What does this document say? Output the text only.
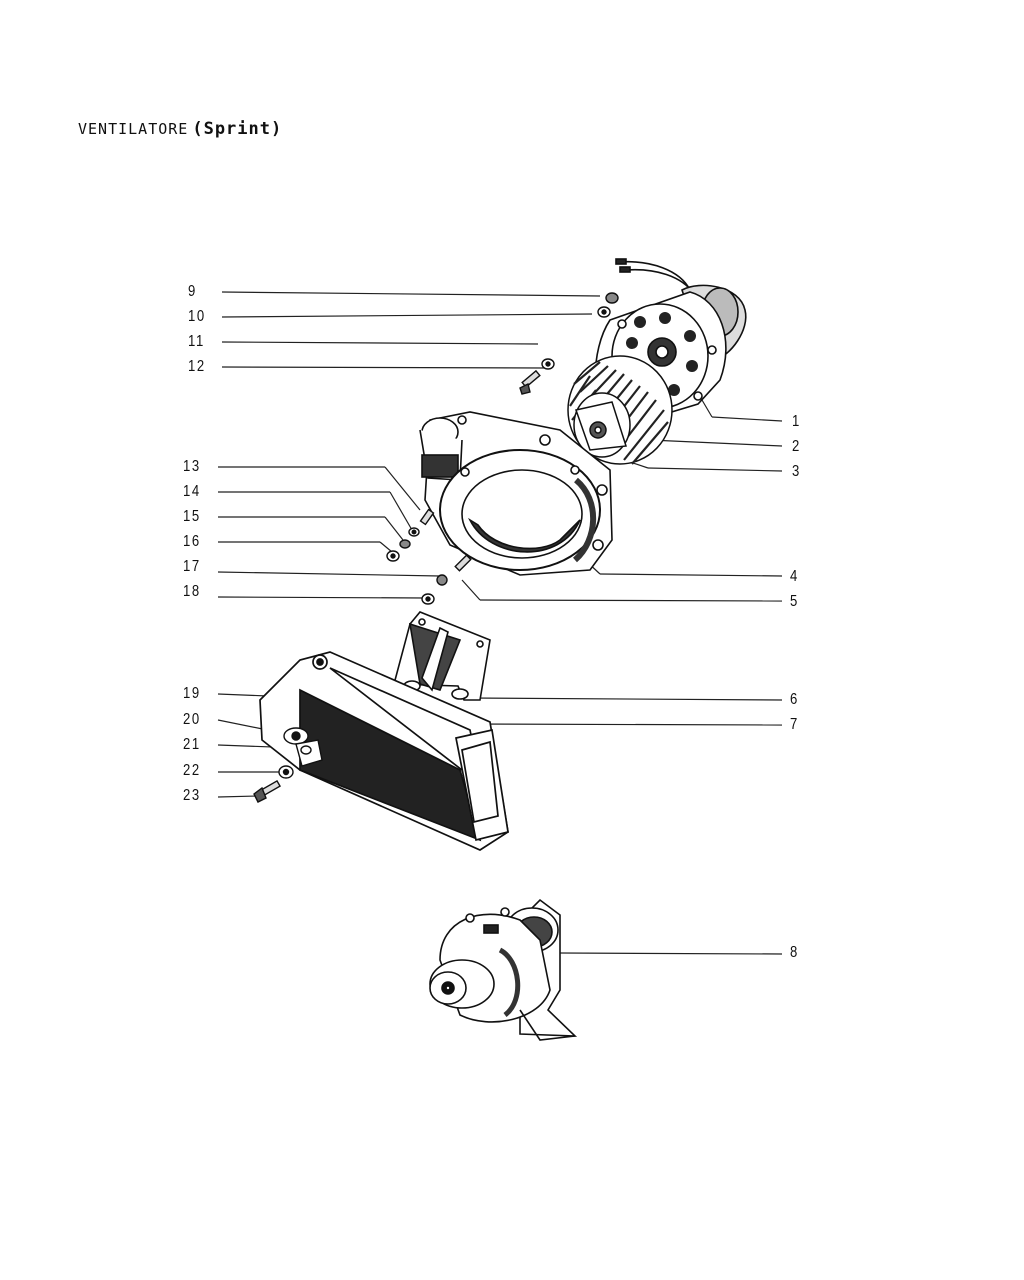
VENTILATORE (Sprint)
9
10
11
12
13
14
15
16
17
18
19
20
21
22
23
1
2
3
4
5
6
7
8
